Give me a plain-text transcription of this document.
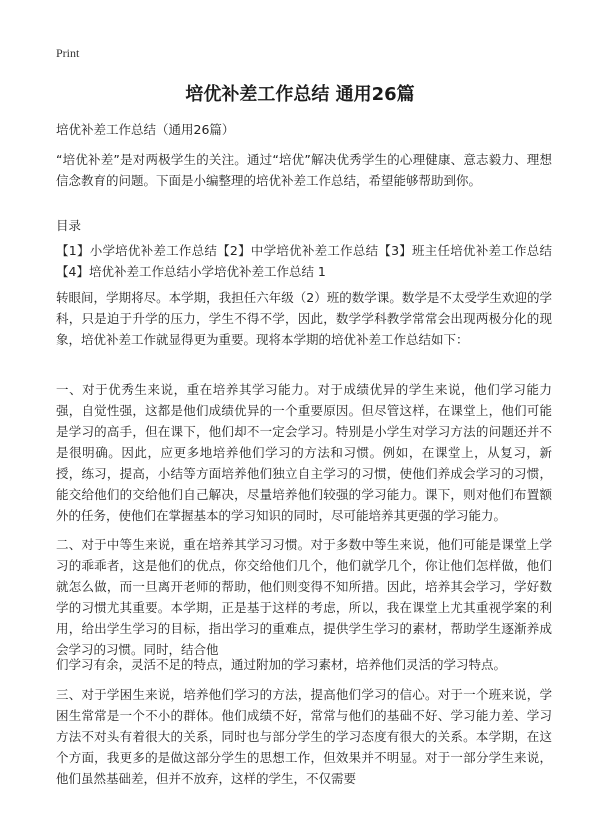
Print
培优补差工作总结 通用26篇
培优补差工作总结（通用26篇）
“培优补差”是对两极学生的关注。通过“培优”解决优秀学生的心理健康、意志毅力、理想信念教育的问题。下面是小编整理的培优补差工作总结，希望能够帮助到你。
目录
【1】小学培优补差工作总结【2】中学培优补差工作总结【3】班主任培优补差工作总结【4】培优补差工作总结小学培优补差工作总结 1
转眼间，学期将尽。本学期，我担任六年级（2）班的数学课。数学是不太受学生欢迎的学科，只是迫于升学的压力，学生不得不学，因此，数学学科教学常常会出现两极分化的现象，培优补差工作就显得更为重要。现将本学期的培优补差工作总结如下：
一、对于优秀生来说，重在培养其学习能力。对于成绩优异的学生来说，他们学习能力强，自觉性强，这都是他们成绩优异的一个重要原因。但尽管这样，在课堂上，他们可能是学习的高手，但在课下，他们却不一定会学习。特别是小学生对学习方法的问题还并不是很明确。因此，应更多地培养他们学习的方法和习惯。例如，在课堂上，从复习，新授，练习，提高，小结等方面培养他们独立自主学习的习惯，使他们养成会学习的习惯，能交给他们的交给他们自己解决，尽量培养他们较强的学习能力。课下，则对他们布置额外的任务，使他们在掌握基本的学习知识的同时，尽可能培养其更强的学习能力。
二、对于中等生来说，重在培养其学习习惯。对于多数中等生来说，他们可能是课堂上学习的乖乖者，这是他们的优点，你交给他们几个，他们就学几个，你让他们怎样做，他们就怎么做，而一旦离开老师的帮助，他们则变得不知所措。因此，培养其会学习，学好数学的习惯尤其重要。本学期，正是基于这样的考虑，所以，我在课堂上尤其重视学案的利用，给出学生学习的目标，指出学习的重难点，提供学生学习的素材，帮助学生逐渐养成会学习的习惯。同时，结合他
们学习有余，灵活不足的特点，通过附加的学习素材，培养他们灵活的学习特点。
三、对于学困生来说，培养他们学习的方法，提高他们学习的信心。对于一个班来说，学困生常常是一个不小的群体。他们成绩不好，常常与他们的基础不好、学习能力差、学习方法不对头有着很大的关系，同时也与部分学生的学习态度有很大的关系。本学期，在这个方面，我更多的是做这部分学生的思想工作，但效果并不明显。对于一部分学生来说，他们虽然基础差，但并不放弃，这样的学生，不仅需要
